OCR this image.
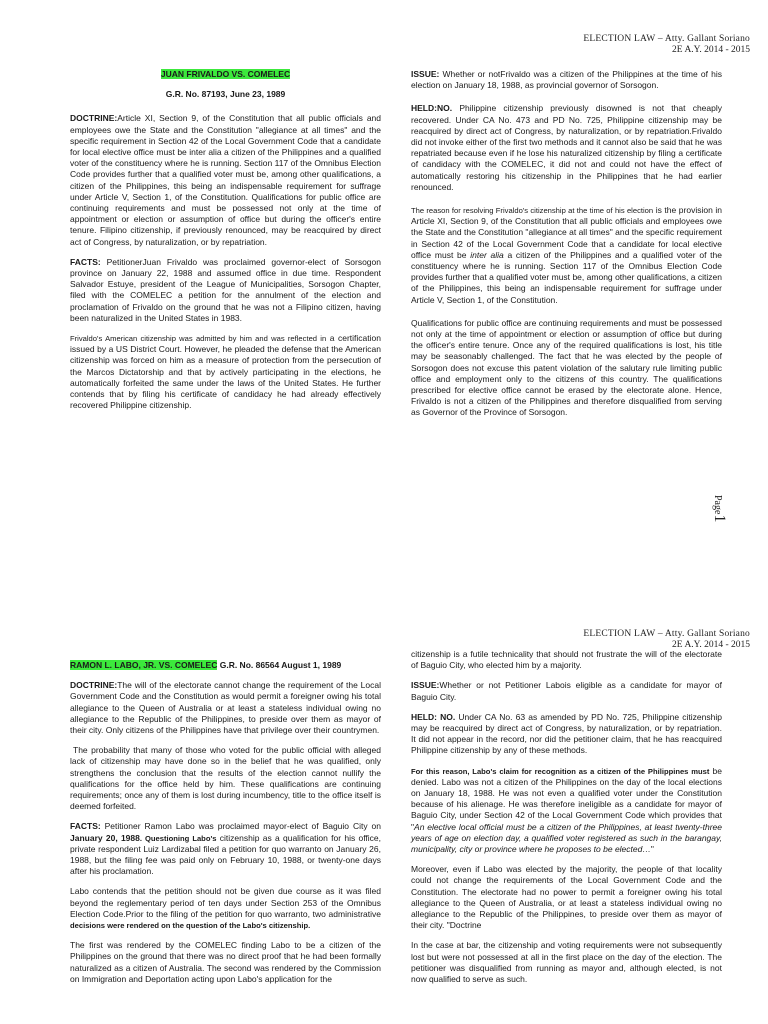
ELECTION LAW – Atty. Gallant Soriano
2E A.Y. 2014 - 2015
Page1

JUAN FRIVALDO VS. COMELEC

G.R. No. 87193, June 23, 1989

DOCTRINE:Article XI, Section 9, of the Constitution that all public officials and employees owe the State and the Constitution "allegiance at all times" and the specific requirement in Section 42 of the Local Government Code that a candidate for local elective office must be inter alia a citizen of the Philippines and a qualified voter of the constituency where he is running. Section 117 of the Omnibus Election Code provides further that a qualified voter must be, among other qualifications, a citizen of the Philippines, this being an indispensable requirement for suffrage under Article V, Section 1, of the Constitution. Qualifications for public office are continuing requirements and must be possessed not only at the time of appointment or election or assumption of office but during the officer's entire tenure. Filipino citizenship, if previously renounced, may be reacquired by direct act of Congress, by naturalization, or by repatriation.

FACTS: PetitionerJuan Frivaldo was proclaimed governor-elect of Sorsogon province on January 22, 1988 and assumed office in due time. Respondent Salvador Estuye, president of the League of Municipalities, Sorsogon Chapter, filed with the COMELEC a petition for the annulment of the election and proclamation of Frivaldo on the ground that he was not a Filipino citizen, having been naturalized in the United States in 1983.

Frivaldo's American citizenship was admitted by him and was reflected in a certification issued by a US District Court. However, he pleaded the defense that the American citizenship was forced on him as a measure of protection from the persecution of the Marcos Dictatorship and that by actively participating in the elections, he automatically forfeited the same under the laws of the United States. He further contends that by filing his certificate of candidacy he had already effectively recovered Philippine citizenship.

ISSUE: Whether or notFrivaldo was a citizen of the Philippines at the time of his election on January 18, 1988, as provincial governor of Sorsogon.

HELD:NO. Philippine citizenship previously disowned is not that cheaply recovered. Under CA No. 473 and PD No. 725, Philippine citizenship may be reacquired by direct act of Congress, by naturalization, or by repatriation.Frivaldo did not invoke either of the first two methods and it cannot also be said that he was repatriated because even if he lose his naturalized citizenship by filing a certificate of candidacy with the COMELEC, it did not and could not have the effect of automatically restoring his citizenship in the Philippines that he had earlier renounced.

The reason for resolving Frivaldo's citizenship at the time of his election is the provision in Article XI, Section 9, of the Constitution that all public officials and employees owe the State and the Constitution "allegiance at all times" and the specific requirement in Section 42 of the Local Government Code that a candidate for local elective office must be inter alia a citizen of the Philippines and a qualified voter of the constituency where he is running. Section 117 of the Omnibus Election Code provides further that a qualified voter must be, among other qualifications, a citizen of the Philippines, this being an indispensable requirement for suffrage under Article V, Section 1, of the Constitution.

Qualifications for public office are continuing requirements and must be possessed not only at the time of appointment or election or assumption of office but during the officer's entire tenure. Once any of the required qualifications is lost, his title may be seasonably challenged. The fact that he was elected by the people of Sorsogon does not excuse this patent violation of the salutary rule limiting public office and employment only to the citizens of this country. The qualifications prescribed for elective office cannot be erased by the electorate alone. Hence, Frivaldo is not a citizen of the Philippines and therefore disqualified from serving as Governor of the Province of Sorsogon.

ELECTION LAW – Atty. Gallant Soriano
2E A.Y. 2014 - 2015

RAMON L. LABO, JR. VS. COMELEC G.R. No. 86564 August 1, 1989

DOCTRINE:The will of the electorate cannot change the requirement of the Local Government Code and the Constitution as would permit a foreigner owing his total allegiance to the Queen of Australia or at least a stateless individual owing no allegiance to the Republic of the Philippines, to preside over them as mayor of their city. Only citizens of the Philippines have that privilege over their countrymen.

The probability that many of those who voted for the public official with alleged lack of citizenship may have done so in the belief that he was qualified, only strengthens the conclusion that the results of the election cannot nullify the qualifications for the office held by him. These qualifications are continuing requirements; once any of them is lost during incumbency, title to the office itself is deemed forfeited.

FACTS: Petitioner Ramon Labo was proclaimed mayor-elect of Baguio City on January 20, 1988. Questioning Labo's citizenship as a qualification for his office, private respondent Luiz Lardizabal filed a petition for quo warranto on January 26, 1988, but the filing fee was paid only on February 10, 1988, or twenty-one days after his proclamation.

Labo contends that the petition should not be given due course as it was filed beyond the reglementary period of ten days under Section 253 of the Omnibus Election Code.Prior to the filing of the petition for quo warranto, two administrative decisions were rendered on the question of the Labo's citizenship.

The first was rendered by the COMELEC finding Labo to be a citizen of the Philippines on the ground that there was no direct proof that he had been formally naturalized as a citizen of Australia. The second was rendered by the Commission on Immigration and Deportation acting upon Labo's application for the

citizenship is a futile technicality that should not frustrate the will of the electorate of Baguio City, who elected him by a majority.

ISSUE:Whether or not Petitioner Labois eligible as a candidate for mayor of Baguio City.

HELD: NO. Under CA No. 63 as amended by PD No. 725, Philippine citizenship may be reacquired by direct act of Congress, by naturalization, or by repatriation. It did not appear in the record, nor did the petitioner claim, that he has reacquired Philippine citizenship by any of these methods.

For this reason, Labo's claim for recognition as a citizen of the Philippines must be denied. Labo was not a citizen of the Philippines on the day of the local elections on January 18, 1988. He was not even a qualified voter under the Constitution because of his alienage. He was therefore ineligible as a candidate for mayor of Baguio City, under Section 42 of the Local Government Code which provides that "An elective local official must be a citizen of the Philippines, at least twenty-three years of age on election day, a qualified voter registered as such in the barangay, municipality, city or province where he proposes to be elected…"

Moreover, even if Labo was elected by the majority, the people of that locality could not change the requirements of the Local Government Code and the Constitution. The electorate had no power to permit a foreigner owing his total allegiance to the Queen of Australia, or at least a stateless individual owing no allegiance to the Republic of the Philippines, to preside over them as mayor of their city. "Doctrine

In the case at bar, the citizenship and voting requirements were not subsequently lost but were not possessed at all in the first place on the day of the election. The petitioner was disqualified from running as mayor and, although elected, is not now qualified to serve as such.
